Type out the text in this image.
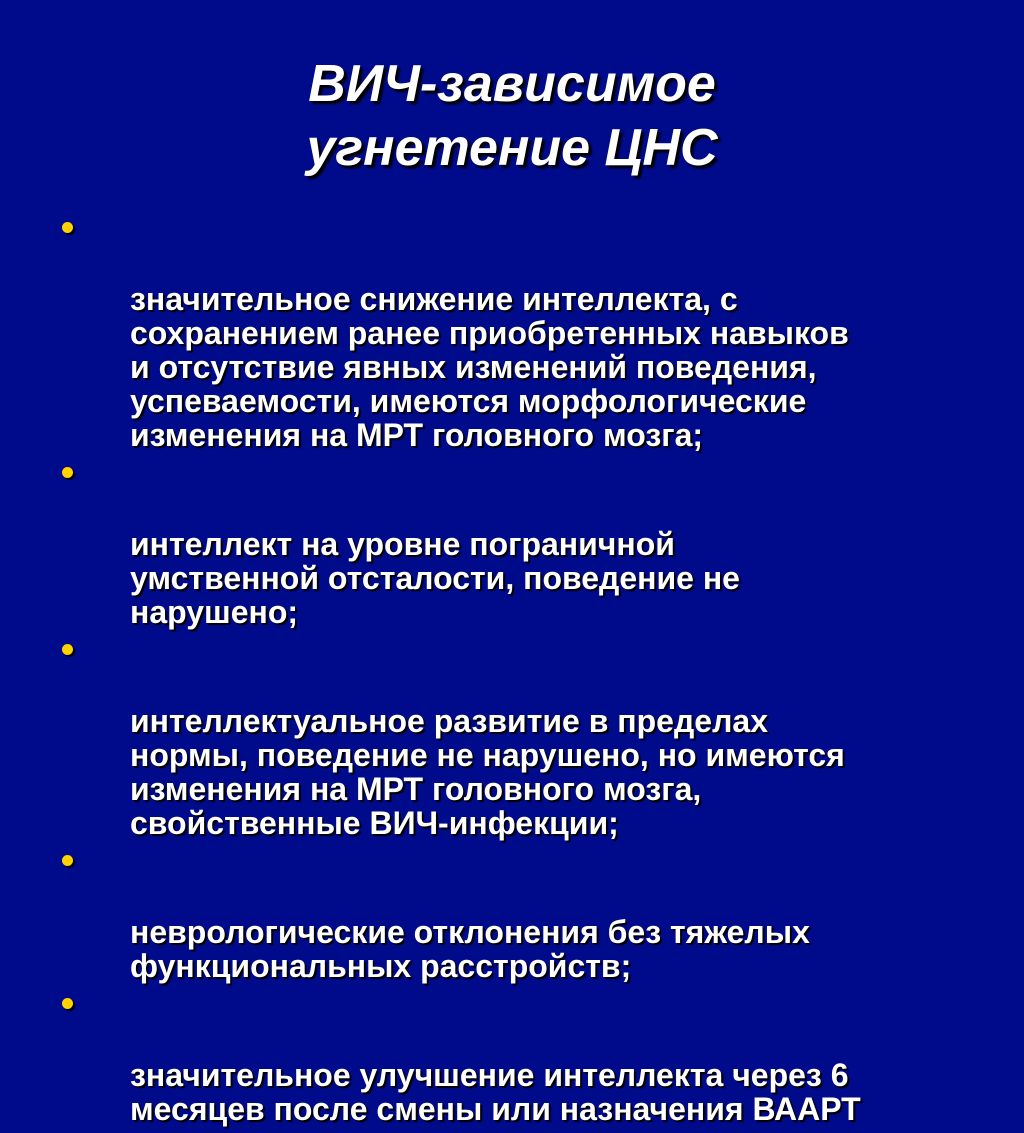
ВИЧ-зависимое
угнетение ЦНС

значительное снижение интеллекта, с
сохранением ранее приобретенных навыков
и отсутствие явных изменений поведения,
успеваемости, имеются морфологические
изменения на МРТ головного мозга;

интеллект на уровне пограничной
умственной отсталости, поведение не
нарушено;

интеллектуальное развитие в пределах
нормы, поведение не нарушено, но имеются
изменения на МРТ головного мозга,
свойственные ВИЧ-инфекции;

неврологические отклонения без тяжелых
функциональных расстройств;

значительное улучшение интеллекта через 6
месяцев после смены или назначения ВААРТ
